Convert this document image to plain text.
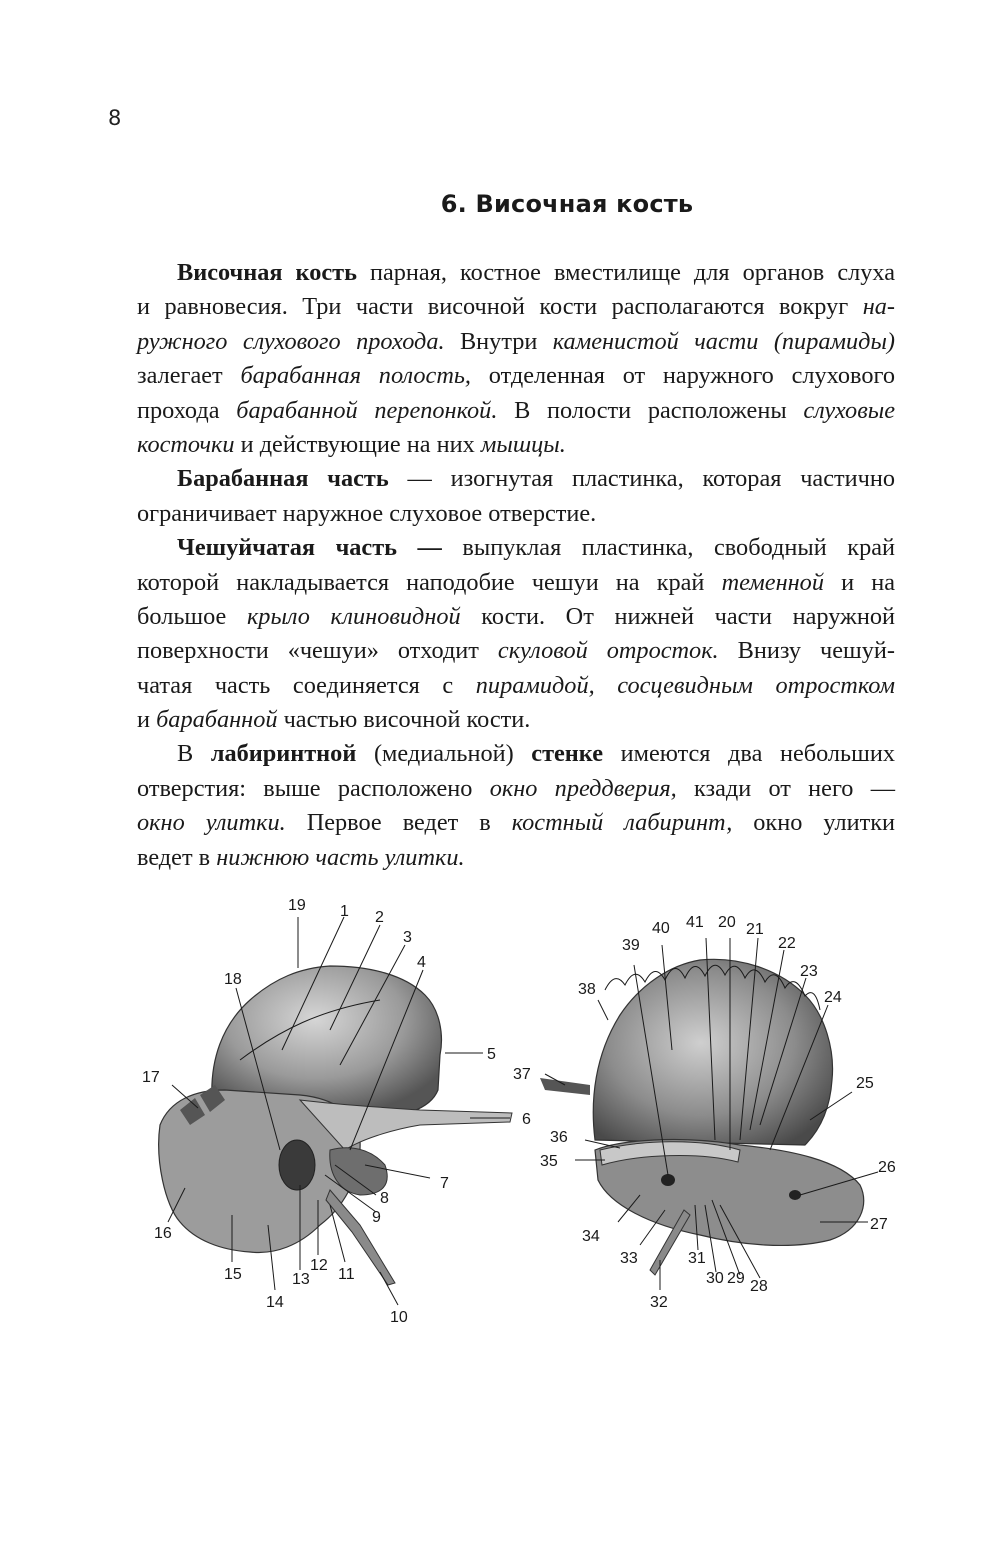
8
6. Височная кость
Височная кость парная, костное вместилище для органов слуха
и равновесия. Три части височной кости располагаются вокруг на-
ружного слухового прохода. Внутри каменистой части (пирамиды)
залегает барабанная полость, отделенная от наружного слухового
прохода барабанной перепонкой. В полости расположены слуховые
косточки и действующие на них мышцы.
Барабанная часть — изогнутая пластинка, которая частично
ограничивает наружное слуховое отверстие.
Чешуйчатая часть — выпуклая пластинка, свободный край
которой накладывается наподобие чешуи на край теменной и на
большое крыло клиновидной кости. От нижней части наружной
поверхности «чешуи» отходит скуловой отросток. Внизу чешуй-
чатая часть соединяется с пирамидой, сосцевидным отростком
и барабанной частью височной кости.
В лабиринтной (медиальной) стенке имеются два небольших
отверстия: выше расположено окно преддверия, кзади от него —
окно улитки. Первое ведет в костный лабиринт, окно улитки
ведет в нижнюю часть улитки.
19 1 2
3
4
5
6
7
8
9
10
11
12
13
14
15
16
17
18
20 21
22
23
24
25
26
27
28
29
30
31
32
33
34
35
36
37
38
39
40 41
